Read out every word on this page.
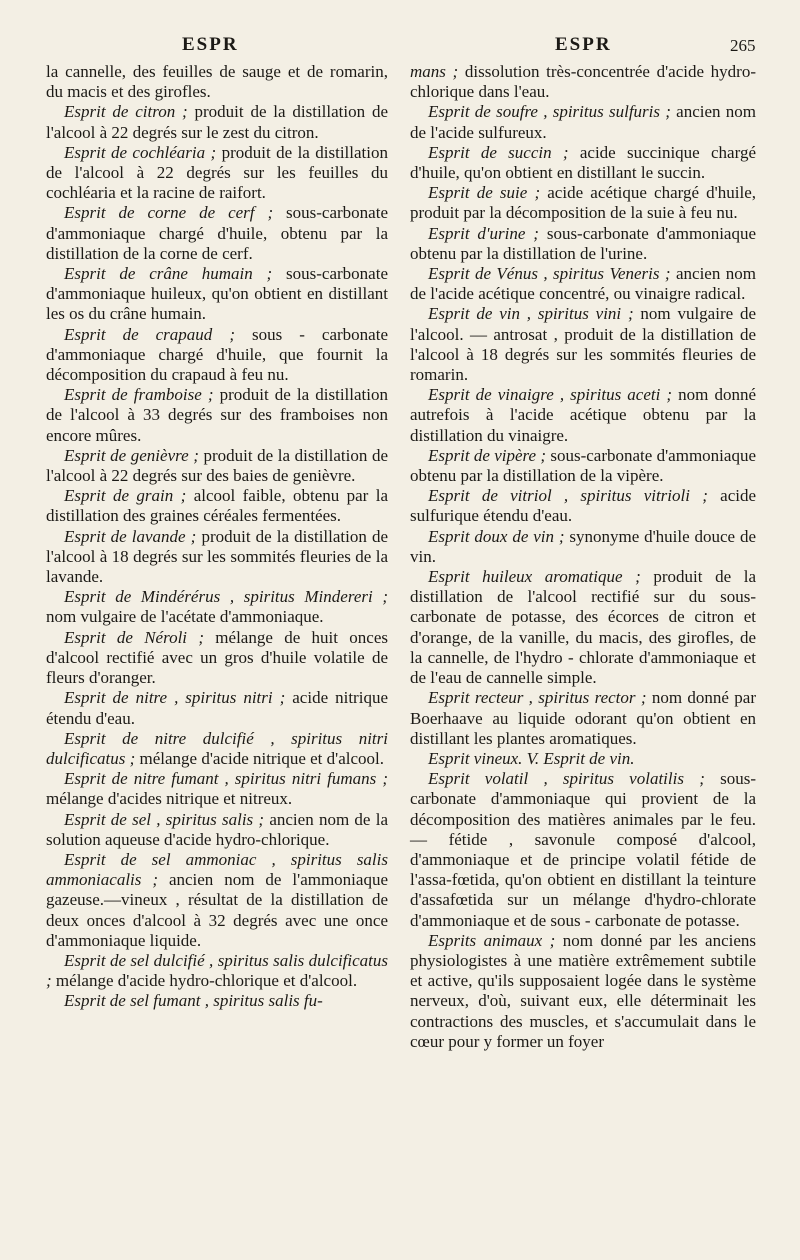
ESPR	ESPR	265

la cannelle, des feuilles de sauge et de romarin, du macis et des girofles.

Esprit de citron ; produit de la distillation de l'alcool à 22 degrés sur le zest du citron.

Esprit de cochléaria ; produit de la distillation de l'alcool à 22 degrés sur les feuilles du cochléaria et la racine de raifort.

Esprit de corne de cerf ; sous-carbonate d'ammoniaque chargé d'huile, obtenu par la distillation de la corne de cerf.

Esprit de crâne humain ; sous-carbonate d'ammoniaque huileux, qu'on obtient en distillant les os du crâne humain.

Esprit de crapaud ; sous - carbonate d'ammoniaque chargé d'huile, que fournit la décomposition du crapaud à feu nu.

Esprit de framboise ; produit de la distillation de l'alcool à 33 degrés sur des framboises non encore mûres.

Esprit de genièvre ; produit de la distillation de l'alcool à 22 degrés sur des baies de genièvre.

Esprit de grain ; alcool faible, obtenu par la distillation des graines céréales fermentées.

Esprit de lavande ; produit de la distillation de l'alcool à 18 degrés sur les sommités fleuries de la lavande.

Esprit de Mindérérus , spiritus Mindereri ; nom vulgaire de l'acétate d'ammoniaque.

Esprit de Néroli ; mélange de huit onces d'alcool rectifié avec un gros d'huile volatile de fleurs d'oranger.

Esprit de nitre , spiritus nitri ; acide nitrique étendu d'eau.

Esprit de nitre dulcifié , spiritus nitri dulcificatus ; mélange d'acide nitrique et d'alcool.

Esprit de nitre fumant , spiritus nitri fumans ; mélange d'acides nitrique et nitreux.

Esprit de sel , spiritus salis ; ancien nom de la solution aqueuse d'acide hydro-chlorique.

Esprit de sel ammoniac , spiritus salis ammoniacalis ; ancien nom de l'ammoniaque gazeuse.—vineux , résultat de la distillation de deux onces d'alcool à 32 degrés avec une once d'ammoniaque liquide.

Esprit de sel dulcifié , spiritus salis dulcificatus ; mélange d'acide hydro-chlorique et d'alcool.

Esprit de sel fumant , spiritus salis fu-

mans ; dissolution très-concentrée d'acide hydro-chlorique dans l'eau.

Esprit de soufre , spiritus sulfuris ; ancien nom de l'acide sulfureux.

Esprit de succin ; acide succinique chargé d'huile, qu'on obtient en distillant le succin.

Esprit de suie ; acide acétique chargé d'huile, produit par la décomposition de la suie à feu nu.

Esprit d'urine ; sous-carbonate d'ammoniaque obtenu par la distillation de l'urine.

Esprit de Vénus , spiritus Veneris ; ancien nom de l'acide acétique concentré, ou vinaigre radical.

Esprit de vin , spiritus vini ; nom vulgaire de l'alcool. — antrosat , produit de la distillation de l'alcool à 18 degrés sur les sommités fleuries de romarin.

Esprit de vinaigre , spiritus aceti ; nom donné autrefois à l'acide acétique obtenu par la distillation du vinaigre.

Esprit de vipère ; sous-carbonate d'ammoniaque obtenu par la distillation de la vipère.

Esprit de vitriol , spiritus vitrioli ; acide sulfurique étendu d'eau.

Esprit doux de vin ; synonyme d'huile douce de vin.

Esprit huileux aromatique ; produit de la distillation de l'alcool rectifié sur du sous-carbonate de potasse, des écorces de citron et d'orange, de la vanille, du macis, des girofles, de la cannelle, de l'hydro - chlorate d'ammoniaque et de l'eau de cannelle simple.

Esprit recteur , spiritus rector ; nom donné par Boerhaave au liquide odorant qu'on obtient en distillant les plantes aromatiques.

Esprit vineux. V. Esprit de vin.

Esprit volatil , spiritus volatilis ; sous-carbonate d'ammoniaque qui provient de la décomposition des matières animales par le feu. — fétide , savonule composé d'alcool, d'ammoniaque et de principe volatil fétide de l'assa-fœtida, qu'on obtient en distillant la teinture d'assafœtida sur un mélange d'hydro-chlorate d'ammoniaque et de sous - carbonate de potasse.

Esprits animaux ; nom donné par les anciens physiologistes à une matière extrêmement subtile et active, qu'ils supposaient logée dans le système nerveux, d'où, suivant eux, elle déterminait les contractions des muscles, et s'accumulait dans le cœur pour y former un foyer
